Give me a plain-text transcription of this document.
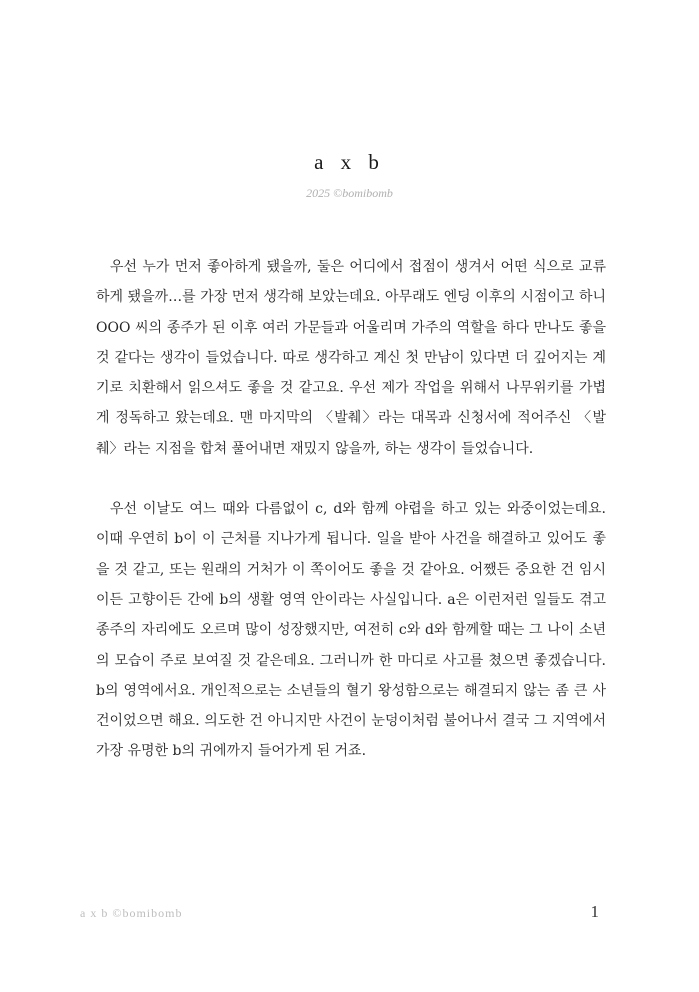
a x b
2025 ©bomibomb

우선 누가 먼저 좋아하게 됐을까, 둘은 어디에서 접점이 생겨서 어떤 식으로 교류하게 됐을까…를 가장 먼저 생각해 보았는데요. 아무래도 엔딩 이후의 시점이고 하니 OOO 씨의 종주가 된 이후 여러 가문들과 어울리며 가주의 역할을 하다 만나도 좋을 것 같다는 생각이 들었습니다. 따로 생각하고 계신 첫 만남이 있다면 더 깊어지는 계기로 치환해서 읽으셔도 좋을 것 같고요. 우선 제가 작업을 위해서 나무위키를 가볍게 정독하고 왔는데요. 맨 마지막의 〈발췌〉라는 대목과 신청서에 적어주신 〈발췌〉라는 지점을 합쳐 풀어내면 재밌지 않을까, 하는 생각이 들었습니다.

우선 이날도 여느 때와 다름없이 c, d와 함께 야렵을 하고 있는 와중이었는데요. 이때 우연히 b이 이 근처를 지나가게 됩니다. 일을 받아 사건을 해결하고 있어도 좋을 것 같고, 또는 원래의 거처가 이 쪽이어도 좋을 것 같아요. 어쨌든 중요한 건 임시이든 고향이든 간에 b의 생활 영역 안이라는 사실입니다. a은 이런저런 일들도 겪고 종주의 자리에도 오르며 많이 성장했지만, 여전히 c와 d와 함께할 때는 그 나이 소년의 모습이 주로 보여질 것 같은데요. 그러니까 한 마디로 사고를 쳤으면 좋겠습니다. b의 영역에서요. 개인적으로는 소년들의 혈기 왕성함으로는 해결되지 않는 좀 큰 사건이었으면 해요. 의도한 건 아니지만 사건이 눈덩이처럼 불어나서 결국 그 지역에서 가장 유명한 b의 귀에까지 들어가게 된 거죠.

a x b ©bomibomb	1
